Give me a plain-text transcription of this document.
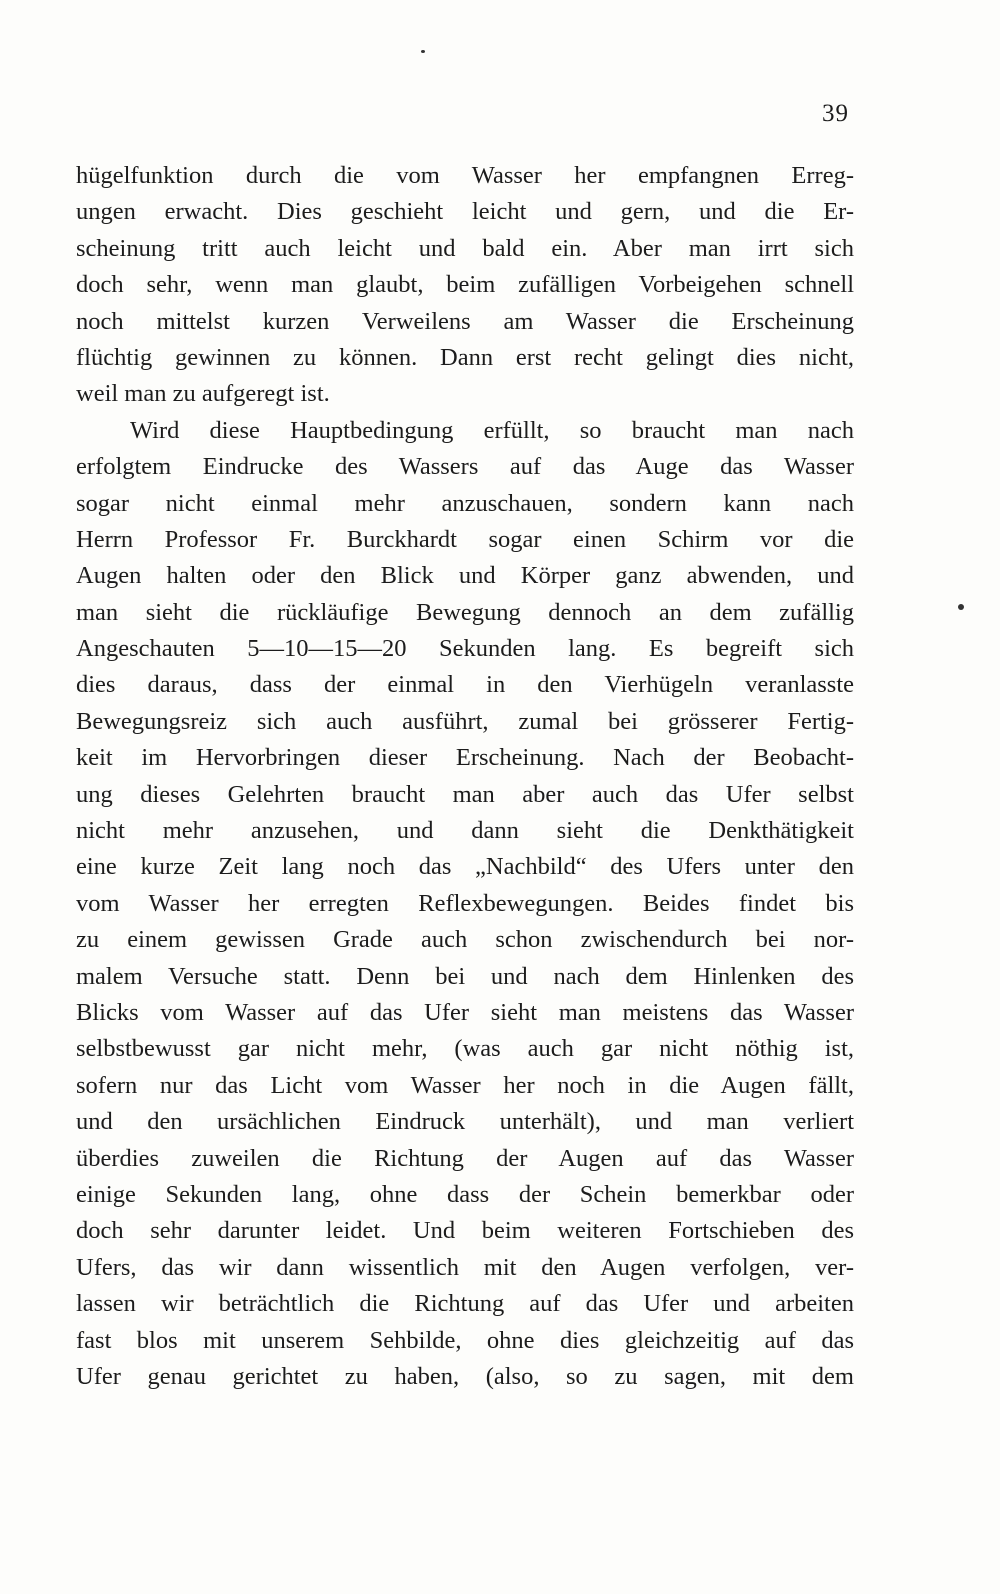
39
hügelfunktion durch die vom Wasser her empfangnen Erreg-
ungen erwacht. Dies geschieht leicht und gern, und die Er-
scheinung tritt auch leicht und bald ein. Aber man irrt sich
doch sehr, wenn man glaubt, beim zufälligen Vorbeigehen schnell
noch mittelst kurzen Verweilens am Wasser die Erscheinung
flüchtig gewinnen zu können. Dann erst recht gelingt dies nicht,
weil man zu aufgeregt ist.
Wird diese Hauptbedingung erfüllt, so braucht man nach
erfolgtem Eindrucke des Wassers auf das Auge das Wasser
sogar nicht einmal mehr anzuschauen, sondern kann nach
Herrn Professor Fr. Burckhardt sogar einen Schirm vor die
Augen halten oder den Blick und Körper ganz abwenden, und
man sieht die rückläufige Bewegung dennoch an dem zufällig
Angeschauten 5—10—15—20 Sekunden lang. Es begreift sich
dies daraus, dass der einmal in den Vierhügeln veranlasste
Bewegungsreiz sich auch ausführt, zumal bei grösserer Fertig-
keit im Hervorbringen dieser Erscheinung. Nach der Beobacht-
ung dieses Gelehrten braucht man aber auch das Ufer selbst
nicht mehr anzusehen, und dann sieht die Denkthätigkeit
eine kurze Zeit lang noch das „Nachbild“ des Ufers unter den
vom Wasser her erregten Reflexbewegungen. Beides findet bis
zu einem gewissen Grade auch schon zwischendurch bei nor-
malem Versuche statt. Denn bei und nach dem Hinlenken des
Blicks vom Wasser auf das Ufer sieht man meistens das Wasser
selbstbewusst gar nicht mehr, (was auch gar nicht nöthig ist,
sofern nur das Licht vom Wasser her noch in die Augen fällt,
und den ursächlichen Eindruck unterhält), und man verliert
überdies zuweilen die Richtung der Augen auf das Wasser
einige Sekunden lang, ohne dass der Schein bemerkbar oder
doch sehr darunter leidet. Und beim weiteren Fortschieben des
Ufers, das wir dann wissentlich mit den Augen verfolgen, ver-
lassen wir beträchtlich die Richtung auf das Ufer und arbeiten
fast blos mit unserem Sehbilde, ohne dies gleichzeitig auf das
Ufer genau gerichtet zu haben, (also, so zu sagen, mit dem
